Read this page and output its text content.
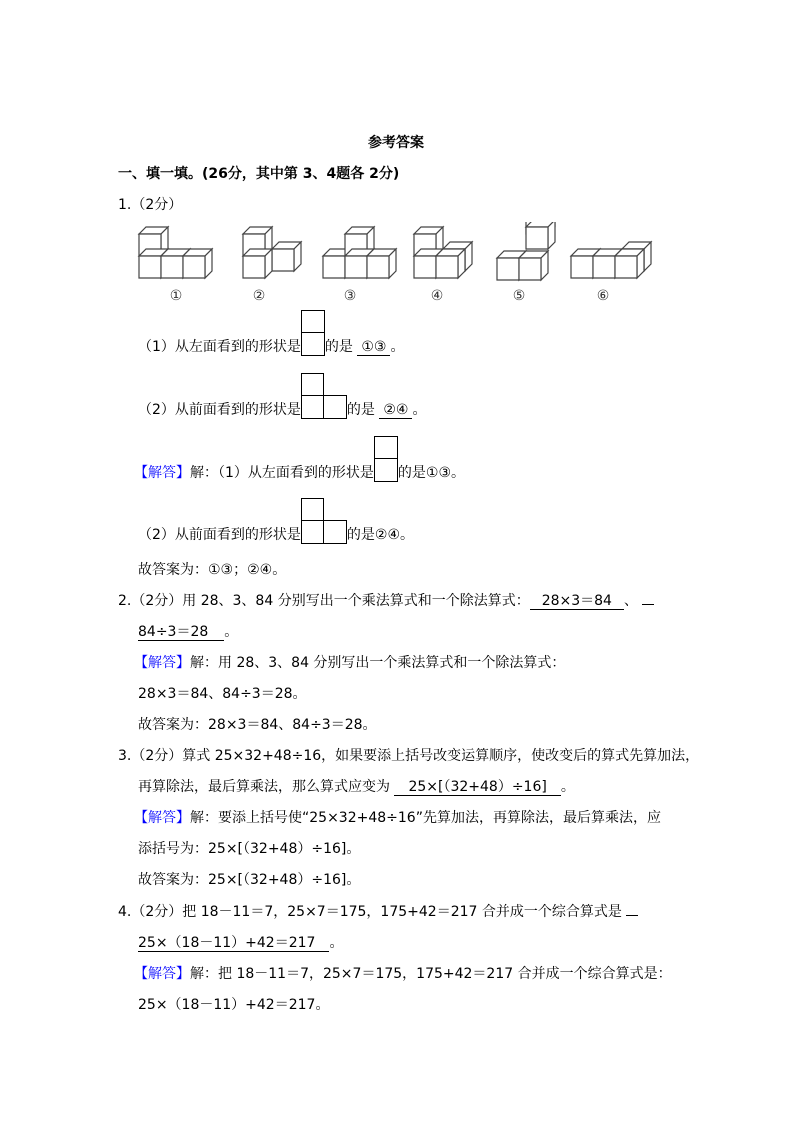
参考答案
一、填一填。(26分，其中第 3、4题各 2分)
1.（2分）
①	②	③	④	⑤	⑥
（1）从左面看到的形状是 的是 ①③ 。
（2）从前面看到的形状是	的是 ②④ 。
【解答】解：（1）从左面看到的形状是 的是①③。
（2）从前面看到的形状是	的是②④。
故答案为：①③；②④。
2.（2分）用 28、3、84 分别写出一个乘法算式和一个除法算式： 28×3＝84 、
84÷3＝28 。
【解答】解：用 28、3、84 分别写出一个乘法算式和一个除法算式：
28×3＝84、84÷3＝28。
故答案为：28×3＝84、84÷3＝28。
3.（2分）算式 25×32+48÷16，如果要添上括号改变运算顺序，使改变后的算式先算加法，
再算除法，最后算乘法，那么算式应变为 25×[（32+48）÷16] 。
【解答】解：要添上括号使“25×32+48÷16”先算加法，再算除法，最后算乘法，应
添括号为：25×[（32+48）÷16]。
故答案为：25×[（32+48）÷16]。
4.（2分）把 18－11＝7，25×7＝175，175+42＝217 合并成一个综合算式是
25×（18－11）+42＝217 。
【解答】解：把 18－11＝7，25×7＝175，175+42＝217 合并成一个综合算式是：
25×（18－11）+42＝217。
